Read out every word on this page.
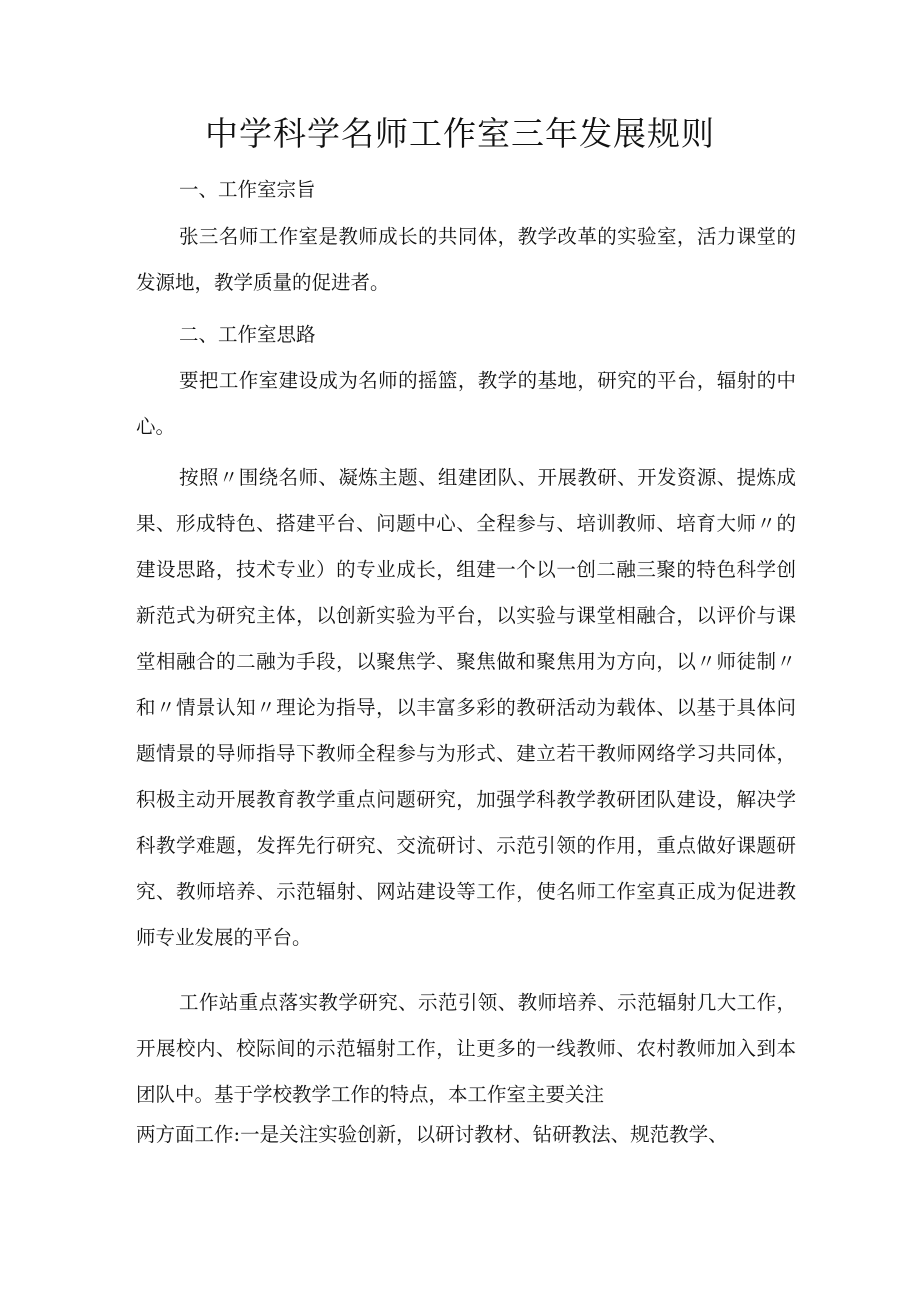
中学科学名师工作室三年发展规则

一、工作室宗旨

张三名师工作室是教师成长的共同体，教学改革的实验室，活力课堂的发源地，教学质量的促进者。

二、工作室思路

要把工作室建设成为名师的摇篮，教学的基地，研究的平台，辐射的中心。

按照〃围绕名师、凝炼主题、组建团队、开展教研、开发资源、提炼成果、形成特色、搭建平台、问题中心、全程参与、培训教师、培育大师〃的建设思路，技术专业）的专业成长，组建一个以一创二融三聚的特色科学创新范式为研究主体，以创新实验为平台，以实验与课堂相融合，以评价与课堂相融合的二融为手段，以聚焦学、聚焦做和聚焦用为方向，以〃师徒制〃和〃情景认知〃理论为指导，以丰富多彩的教研活动为载体、以基于具体问题情景的导师指导下教师全程参与为形式、建立若干教师网络学习共同体，积极主动开展教育教学重点问题研究，加强学科教学教研团队建设，解决学科教学难题，发挥先行研究、交流研讨、示范引领的作用，重点做好课题研究、教师培养、示范辐射、网站建设等工作，使名师工作室真正成为促进教师专业发展的平台。

工作站重点落实教学研究、示范引领、教师培养、示范辐射几大工作，开展校内、校际间的示范辐射工作，让更多的一线教师、农村教师加入到本团队中。基于学校教学工作的特点，本工作室主要关注

两方面工作:一是关注实验创新，以研讨教材、钻研教法、规范教学、
